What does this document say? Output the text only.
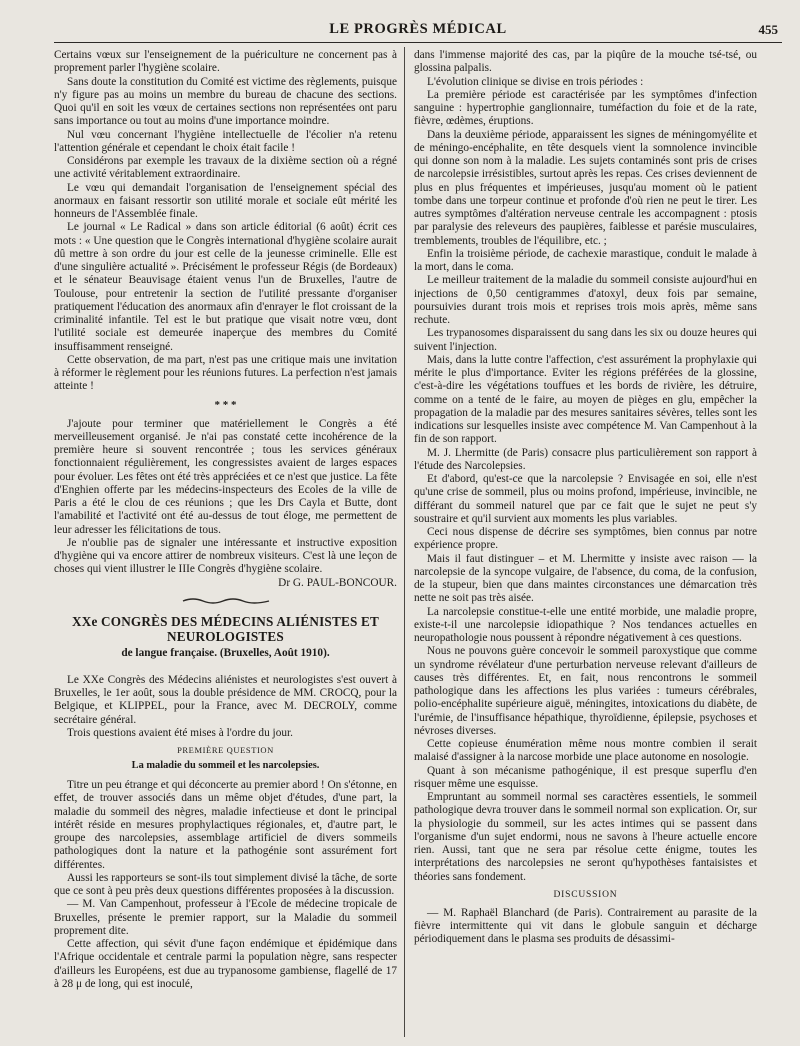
LE PROGRÈS MÉDICAL	455

Certains vœux sur l'enseignement de la puériculture ne concernent pas à proprement parler l'hygiène scolaire.

Sans doute la constitution du Comité est victime des règlements, puisque n'y figure pas au moins un membre du bureau de chacune des sections. Quoi qu'il en soit les vœux de certaines sections non représentées ont paru sans importance ou tout au moins d'une importance moindre.

Nul vœu concernant l'hygiène intellectuelle de l'écolier n'a retenu l'attention générale et cependant le choix était facile !

Considérons par exemple les travaux de la dixième section où a régné une activité véritablement extraordinaire.

Le vœu qui demandait l'organisation de l'enseignement spécial des anormaux en faisant ressortir son utilité morale et sociale eût mérité les honneurs de l'Assemblée finale.

Le journal « Le Radical » dans son article éditorial (6 août) écrit ces mots : « Une question que le Congrès international d'hygiène scolaire aurait dû mettre à son ordre du jour est celle de la jeunesse criminelle. Elle est d'une singulière actualité ». Précisément le professeur Régis (de Bordeaux) et le sénateur Beauvisage étaient venus l'un de Bruxelles, l'autre de Toulouse, pour entretenir la section de l'utilité pressante d'organiser pratiquement l'éducation des anormaux afin d'enrayer le flot croissant de la criminalité infantile. Tel est le but pratique que visait notre vœu, dont l'utilité sociale est demeurée inaperçue des membres du Comité insuffisamment renseigné.

Cette observation, de ma part, n'est pas une critique mais une invitation à réformer le règlement pour les réunions futures. La perfection n'est jamais atteinte !

* * *

J'ajoute pour terminer que matériellement le Congrès a été merveilleusement organisé. Je n'ai pas constaté cette incohérence de la première heure si souvent rencontrée ; tous les services généraux fonctionnaient régulièrement, les congressistes avaient de larges espaces pour évoluer. Les fêtes ont été très appréciées et ce n'est que justice. La fête d'Enghien offerte par les médecins-inspecteurs des Ecoles de la ville de Paris a été le clou de ces réunions ; que les Drs Cayla et Butte, dont l'amabilité et l'activité ont été au-dessus de tout éloge, me permettent de leur adresser les félicitations de tous.

Je n'oublie pas de signaler une intéressante et instructive exposition d'hygiène qui va encore attirer de nombreux visiteurs. C'est là une leçon de choses qui vient illustrer le IIIe Congrès d'hygiène scolaire.

Dr G. PAUL-BONCOUR.
XXe CONGRÈS DES MÉDECINS ALIÉNISTES ET NEUROLOGISTES
de langue française. (Bruxelles, Août 1910).

Le XXe Congrès des Médecins aliénistes et neurologistes s'est ouvert à Bruxelles, le 1er août, sous la double présidence de MM. CROCQ, pour la Belgique, et KLIPPEL, pour la France, avec M. DECROLY, comme secrétaire général.

Trois questions avaient été mises à l'ordre du jour.

PREMIÈRE QUESTION
La maladie du sommeil et les narcolepsies.

Titre un peu étrange et qui déconcerte au premier abord ! On s'étonne, en effet, de trouver associés dans un même objet d'études, d'une part, la maladie du sommeil des nègres, maladie infectieuse et dont le principal intérêt réside en mesures prophylactiques régionales, et, d'autre part, le groupe des narcolepsies, assemblage artificiel de divers sommeils pathologiques dont la nature et la pathogénie sont assurément fort différentes.

Aussi les rapporteurs se sont-ils tout simplement divisé la tâche, de sorte que ce sont à peu près deux questions différentes proposées à la discussion.

— M. Van Campenhout, professeur à l'Ecole de médecine tropicale de Bruxelles, présente le premier rapport, sur la Maladie du sommeil proprement dite.

Cette affection, qui sévit d'une façon endémique et épidémique dans l'Afrique occidentale et centrale parmi la population nègre, sans respecter d'ailleurs les Européens, est due au trypanosome gambiense, flagellé de 17 à 28 μ de long, qui est inoculé,

dans l'immense majorité des cas, par la piqûre de la mouche tsé-tsé, ou glossina palpalis.

L'évolution clinique se divise en trois périodes :

La première période est caractérisée par les symptômes d'infection sanguine : hypertrophie ganglionnaire, tuméfaction du foie et de la rate, fièvre, œdèmes, éruptions.

Dans la deuxième période, apparaissent les signes de méningomyélite et de méningo-encéphalite, en tête desquels vient la somnolence invincible qui donne son nom à la maladie. Les sujets contaminés sont pris de crises de narcolepsie irrésistibles, surtout après les repas. Ces crises deviennent de plus en plus fréquentes et impérieuses, jusqu'au moment où le patient tombe dans une torpeur continue et profonde d'où rien ne peut le tirer. Les autres symptômes d'altération nerveuse centrale les accompagnent : ptosis par paralysie des releveurs des paupières, faiblesse et parésie musculaires, tremblements, troubles de l'équilibre, etc. ;

Enfin la troisième période, de cachexie marastique, conduit le malade à la mort, dans le coma.

Le meilleur traitement de la maladie du sommeil consiste aujourd'hui en injections de 0,50 centigrammes d'atoxyl, deux fois par semaine, poursuivies durant trois mois et reprises trois mois après, même sans rechute.

Les trypanosomes disparaissent du sang dans les six ou douze heures qui suivent l'injection.

Mais, dans la lutte contre l'affection, c'est assurément la prophylaxie qui mérite le plus d'importance. Eviter les régions préférées de la glossine, c'est-à-dire les végétations touffues et les bords de rivière, les détruire, comme on a tenté de le faire, au moyen de pièges en glu, empêcher la propagation de la maladie par des mesures sanitaires sévères, telles sont les indications sur lesquelles insiste avec compétence M. Van Campenhout à la fin de son rapport.

M. J. Lhermitte (de Paris) consacre plus particulièrement son rapport à l'étude des Narcolepsies.

Et d'abord, qu'est-ce que la narcolepsie ? Envisagée en soi, elle n'est qu'une crise de sommeil, plus ou moins profond, impérieuse, invincible, ne différant du sommeil naturel que par ce fait que le sujet ne peut s'y soustraire et qu'il survient aux moments les plus variables.

Ceci nous dispense de décrire ses symptômes, bien connus par notre expérience propre.

Mais il faut distinguer – et M. Lhermitte y insiste avec raison — la narcolepsie de la syncope vulgaire, de l'absence, du coma, de la confusion, de la stupeur, bien que dans maintes circonstances une démarcation très nette ne soit pas très aisée.

La narcolepsie constitue-t-elle une entité morbide, une maladie propre, existe-t-il une narcolepsie idiopathique ? Nos tendances actuelles en neuropathologie nous poussent à répondre négativement à ces questions.

Nous ne pouvons guère concevoir le sommeil paroxystique que comme un syndrome révélateur d'une perturbation nerveuse relevant d'ailleurs de causes très différentes. Et, en fait, nous rencontrons le sommeil pathologique dans les affections les plus variées : tumeurs cérébrales, polio-encéphalite supérieure aiguë, méningites, intoxications du diabète, de l'urémie, de l'insuffisance hépathique, thyroïdienne, épilepsie, psychoses et névroses diverses.

Cette copieuse énumération même nous montre combien il serait malaisé d'assigner à la narcose morbide une place autonome en nosologie.

Quant à son mécanisme pathogénique, il est presque superflu d'en risquer même une esquisse.

Empruntant au sommeil normal ses caractères essentiels, le sommeil pathologique devra trouver dans le sommeil normal son explication. Or, sur la physiologie du sommeil, sur les actes intimes qui se passent dans l'organisme d'un sujet endormi, nous ne savons à l'heure actuelle encore rien. Aussi, tant que ne sera par résolue cette énigme, toutes les interprétations des narcolepsies ne seront qu'hypothèses fantaisistes et théories sans fondement.

DISCUSSION

— M. Raphaël Blanchard (de Paris). Contrairement au parasite de la fièvre intermittente qui vit dans le globule sanguin et décharge périodiquement dans le plasma ses produits de désassimi-
